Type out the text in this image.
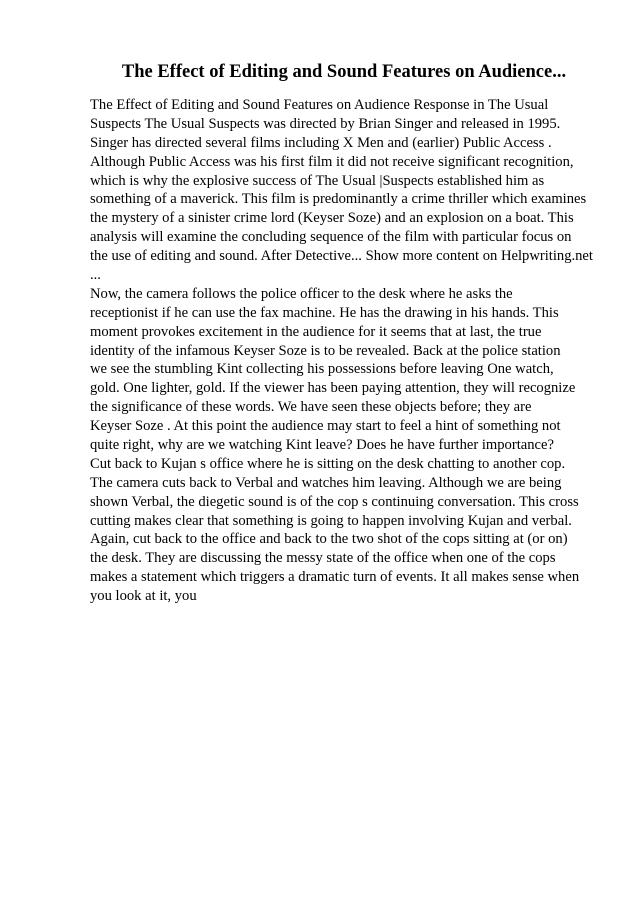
The Effect of Editing and Sound Features on Audience...
The Effect of Editing and Sound Features on Audience Response in The Usual
Suspects The Usual Suspects was directed by Brian Singer and released in 1995.
Singer has directed several films including X Men and (earlier) Public Access .
Although Public Access was his first film it did not receive significant recognition,
which is why the explosive success of The Usual |Suspects established him as
something of a maverick. This film is predominantly a crime thriller which examines
the mystery of a sinister crime lord (Keyser Soze) and an explosion on a boat. This
analysis will examine the concluding sequence of the film with particular focus on
the use of editing and sound. After Detective... Show more content on Helpwriting.net
...
Now, the camera follows the police officer to the desk where he asks the
receptionist if he can use the fax machine. He has the drawing in his hands. This
moment provokes excitement in the audience for it seems that at last, the true
identity of the infamous Keyser Soze is to be revealed. Back at the police station
we see the stumbling Kint collecting his possessions before leaving One watch,
gold. One lighter, gold. If the viewer has been paying attention, they will recognize
the significance of these words. We have seen these objects before; they are
Keyser Soze . At this point the audience may start to feel a hint of something not
quite right, why are we watching Kint leave? Does he have further importance?
Cut back to Kujan s office where he is sitting on the desk chatting to another cop.
The camera cuts back to Verbal and watches him leaving. Although we are being
shown Verbal, the diegetic sound is of the cop s continuing conversation. This cross
cutting makes clear that something is going to happen involving Kujan and verbal.
Again, cut back to the office and back to the two shot of the cops sitting at (or on)
the desk. They are discussing the messy state of the office when one of the cops
makes a statement which triggers a dramatic turn of events. It all makes sense when
you look at it, you
